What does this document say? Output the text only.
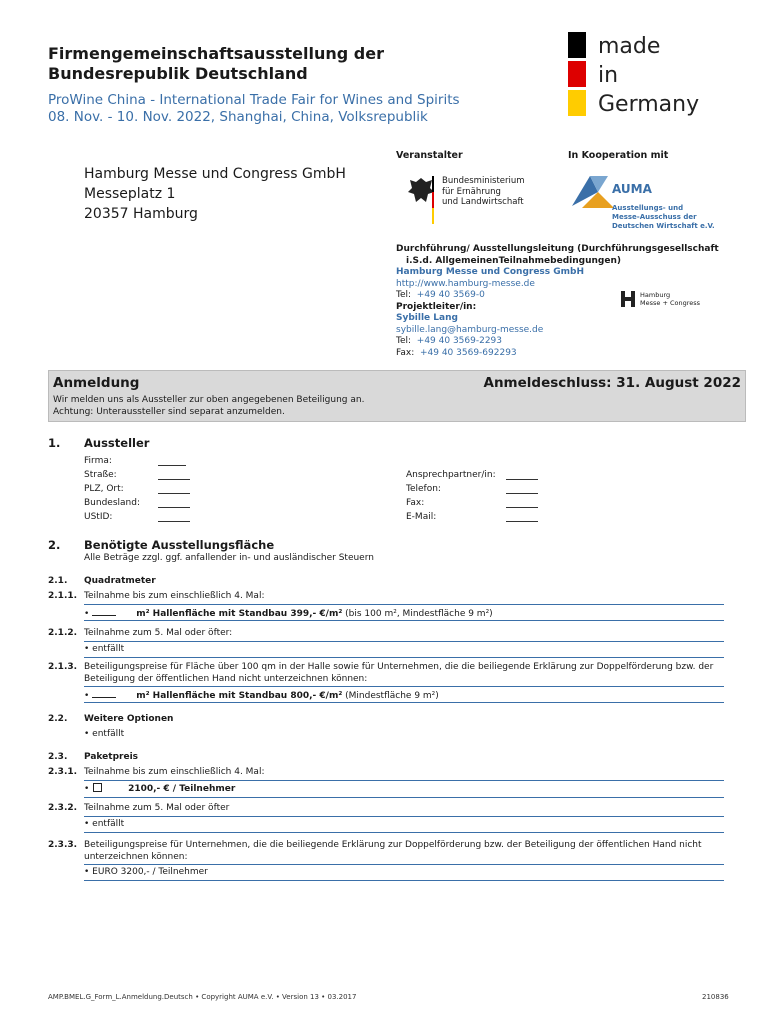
Firmengemeinschaftsausstellung der
Bundesrepublik Deutschland
ProWine China - International Trade Fair for Wines and Spirits
08. Nov. - 10. Nov. 2022, Shanghai, China, Volksrepublik
made
in
Germany
Veranstalter	In Kooperation mit
Hamburg Messe und Congress GmbH
Messeplatz 1
20357 Hamburg
Bundesministerium
für Ernährung
und Landwirtschaft
AUMA
Ausstellungs- und
Messe-Ausschuss der
Deutschen Wirtschaft e.V.
Durchführung/ Ausstellungsleitung (Durchführungsgesellschaft
i.S.d. AllgemeinenTeilnahmebedingungen)
Hamburg Messe und Congress GmbH
http://www.hamburg-messe.de
Tel: +49 40 3569-0
Projektleiter/in:
Sybille Lang
sybille.lang@hamburg-messe.de
Tel: +49 40 3569-2293
Fax: +49 40 3569-692293
Hamburg
Messe + Congress
Anmeldung	Anmeldeschluss: 31. August 2022
Wir melden uns als Aussteller zur oben angegebenen Beteiligung an.
Achtung: Unteraussteller sind separat anzumelden.
1. Aussteller
Firma:
Straße:
PLZ, Ort:
Bundesland:
UStID:
Ansprechpartner/in:
Telefon:
Fax:
E-Mail:
2. Benötigte Ausstellungsfläche
Alle Beträge zzgl. ggf. anfallender in- und ausländischer Steuern
2.1. Quadratmeter
2.1.1. Teilnahme bis zum einschließlich 4. Mal:
•	m² Hallenfläche mit Standbau 399,- €/m² (bis 100 m², Mindestfläche 9 m²)
2.1.2. Teilnahme zum 5. Mal oder öfter:
• entfällt
2.1.3. Beteiligungspreise für Fläche über 100 qm in der Halle sowie für Unternehmen, die die beiliegende Erklärung zur Doppelförderung bzw. der
Beteiligung der öffentlichen Hand nicht unterzeichnen können:
•	m² Hallenfläche mit Standbau 800,- €/m² (Mindestfläche 9 m²)
2.2. Weitere Optionen
• entfällt
2.3. Paketpreis
2.3.1. Teilnahme bis zum einschließlich 4. Mal:
•	2100,- € / Teilnehmer
2.3.2. Teilnahme zum 5. Mal oder öfter
• entfällt
2.3.3. Beteiligungspreise für Unternehmen, die die beiliegende Erklärung zur Doppelförderung bzw. der Beteiligung der öffentlichen Hand nicht
unterzeichnen können:
• EURO 3200,- / Teilnehmer
AMP.BMEL.G_Form_L.Anmeldung.Deutsch • Copyright AUMA e.V. • Version 13 • 03.2017	210836
